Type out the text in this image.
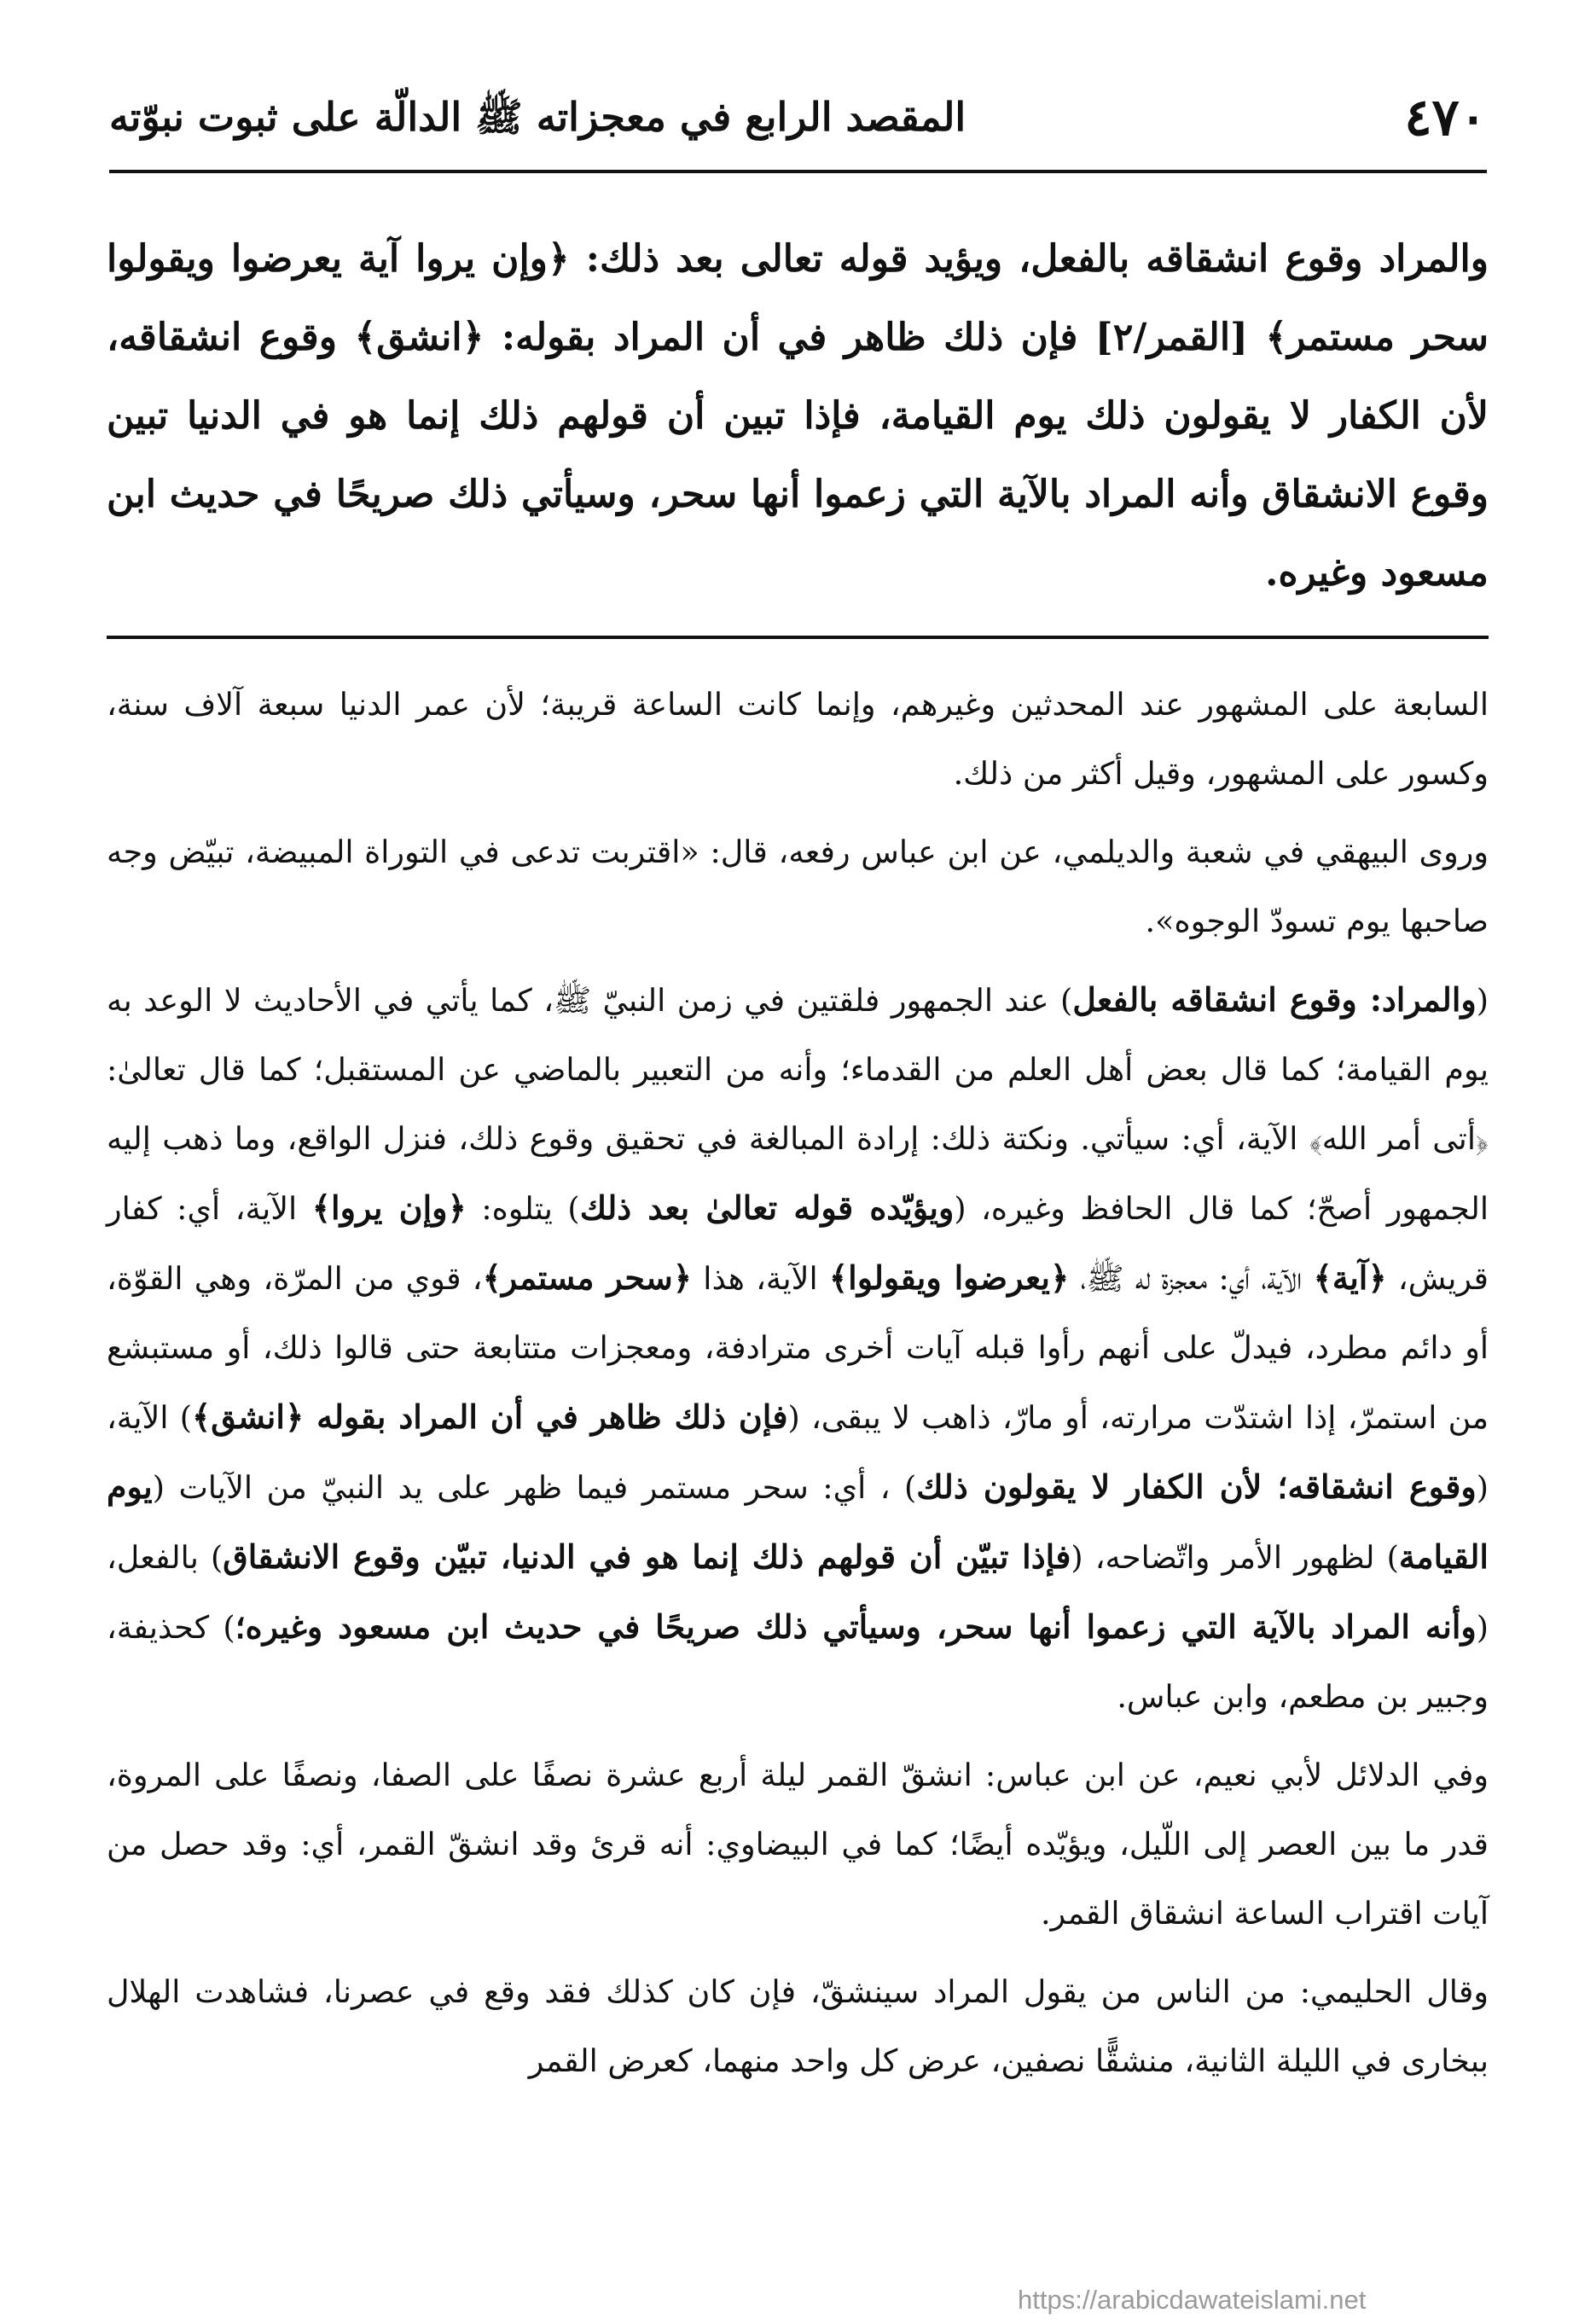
٤٧٠
المقصد الرابع في معجزاته ﷺ الدالّة على ثبوت نبوّته
والمراد وقوع انشقاقه بالفعل، ويؤيد قوله تعالى بعد ذلك: ﴿وإن يروا آية يعرضوا ويقولوا سحر مستمر﴾ [القمر/٢] فإن ذلك ظاهر في أن المراد بقوله: ﴿انشق﴾ وقوع انشقاقه، لأن الكفار لا يقولون ذلك يوم القيامة، فإذا تبين أن قولهم ذلك إنما هو في الدنيا تبين وقوع الانشقاق وأنه المراد بالآية التي زعموا أنها سحر، وسيأتي ذلك صريحًا في حديث ابن مسعود وغيره.

السابعة على المشهور عند المحدثين وغيرهم، وإنما كانت الساعة قريبة؛ لأن عمر الدنيا سبعة آلاف سنة، وكسور على المشهور، وقيل أكثر من ذلك.

وروى البيهقي في شعبة والديلمي، عن ابن عباس رفعه، قال: «اقتربت تدعى في التوراة المبيضة، تبيّض وجه صاحبها يوم تسودّ الوجوه».

(والمراد: وقوع انشقاقه بالفعل) عند الجمهور فلقتين في زمن النبيّ ﷺ، كما يأتي في الأحاديث لا الوعد به يوم القيامة؛ كما قال بعض أهل العلم من القدماء؛ وأنه من التعبير بالماضي عن المستقبل؛ كما قال تعالىٰ: ﴿أتى أمر الله﴾ الآية، أي: سيأتي. ونكتة ذلك: إرادة المبالغة في تحقيق وقوع ذلك، فنزل الواقع، وما ذهب إليه الجمهور أصحّ؛ كما قال الحافظ وغيره، (ويؤيّده قوله تعالىٰ بعد ذلك) يتلوه: ﴿وإن يروا﴾ الآية، أي: كفار قريش، ﴿آية﴾ الآية، أي: معجزة له ﷺ، ﴿يعرضوا ويقولوا﴾ الآية، هذا ﴿سحر مستمر﴾، قوي من المرّة، وهي القوّة، أو دائم مطرد، فيدلّ على أنهم رأوا قبله آيات أخرى مترادفة، ومعجزات متتابعة حتى قالوا ذلك، أو مستبشع من استمرّ، إذا اشتدّت مرارته، أو مارّ، ذاهب لا يبقى، (فإن ذلك ظاهر في أن المراد بقوله ﴿انشق﴾) الآية، (وقوع انشقاقه؛ لأن الكفار لا يقولون ذلك) ، أي: سحر مستمر فيما ظهر على يد النبيّ من الآيات (يوم القيامة) لظهور الأمر واتّضاحه، (فإذا تبيّن أن قولهم ذلك إنما هو في الدنيا، تبيّن وقوع الانشقاق) بالفعل، (وأنه المراد بالآية التي زعموا أنها سحر، وسيأتي ذلك صريحًا في حديث ابن مسعود وغيره؛) كحذيفة، وجبير بن مطعم، وابن عباس.

وفي الدلائل لأبي نعيم، عن ابن عباس: انشقّ القمر ليلة أربع عشرة نصفًا على الصفا، ونصفًا على المروة، قدر ما بين العصر إلى اللّيل، ويؤيّده أيضًا؛ كما في البيضاوي: أنه قرئ وقد انشقّ القمر، أي: وقد حصل من آيات اقتراب الساعة انشقاق القمر.

وقال الحليمي: من الناس من يقول المراد سينشقّ، فإن كان كذلك فقد وقع في عصرنا، فشاهدت الهلال ببخارى في الليلة الثانية، منشقًّا نصفين، عرض كل واحد منهما، كعرض القمر

https://arabicdawateislami.net
